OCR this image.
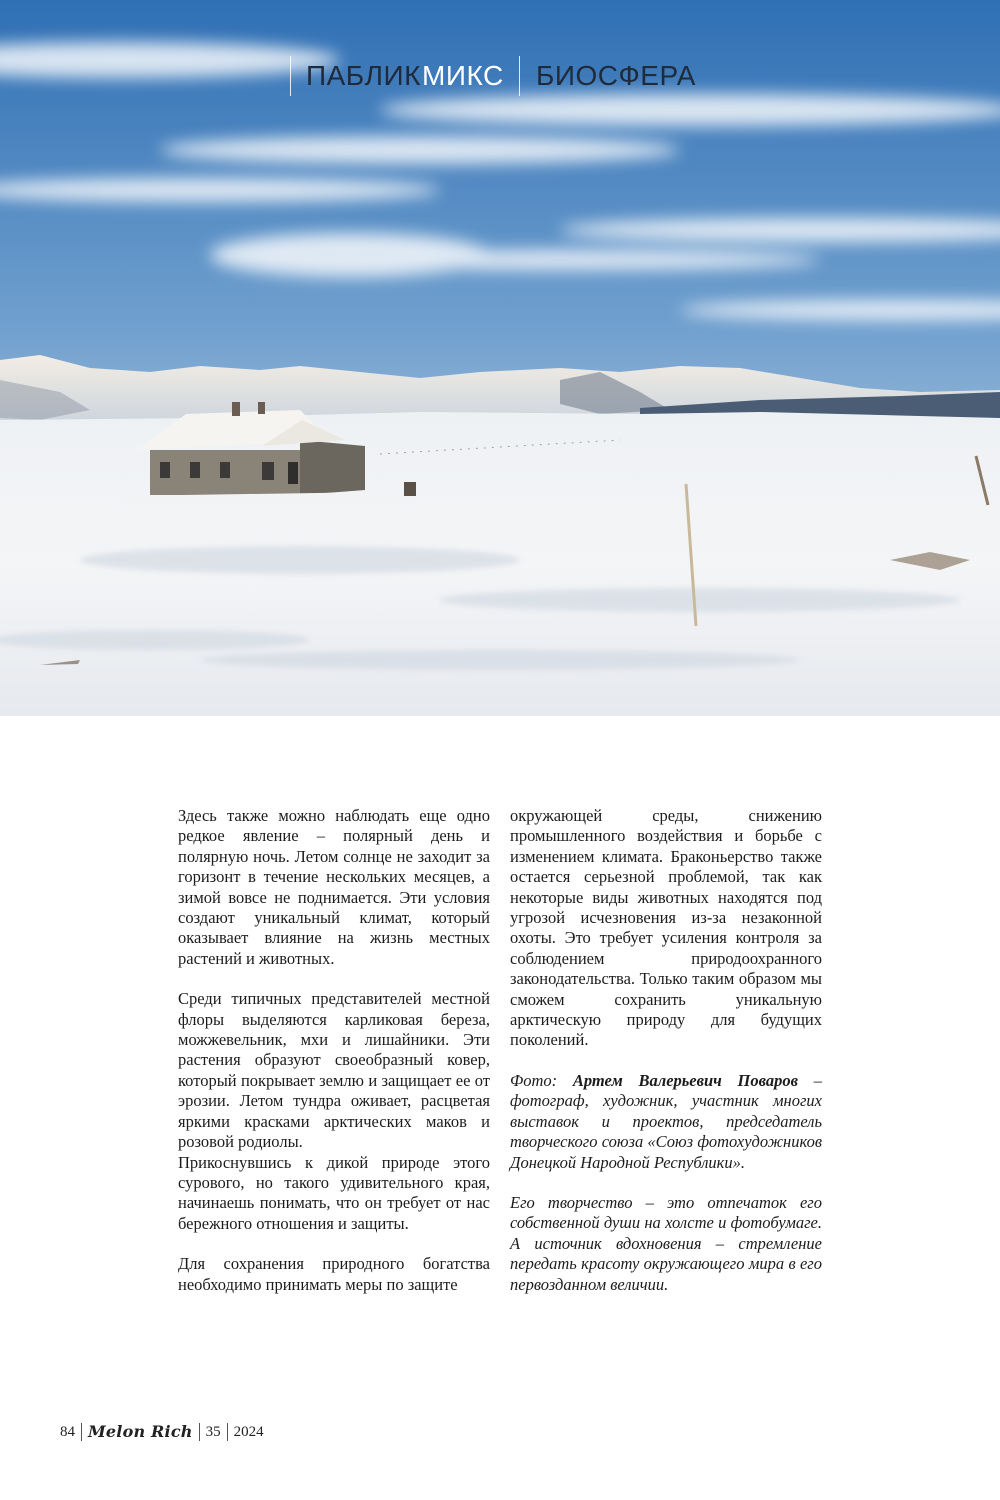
ПАБЛИК МИКС БИОСФЕРА

Здесь также можно наблюдать еще одно редкое явление – полярный день и полярную ночь. Летом солнце не заходит за горизонт в течение нескольких месяцев, а зимой вовсе не поднимается. Эти условия создают уникальный климат, который оказывает влияние на жизнь местных растений и животных.

Среди типичных представителей местной флоры выделяются карликовая береза, можжевельник, мхи и лишайники. Эти растения образуют своеобразный ковер, который покрывает землю и защищает ее от эрозии. Летом тундра оживает, расцветая яркими красками арктических маков и розовой родиолы.

Прикоснувшись к дикой природе этого сурового, но такого удивительного края, начинаешь понимать, что он требует от нас бережного отношения и защиты.

Для сохранения природного богатства необходимо принимать меры по защите

окружающей среды, снижению промышленного воздействия и борьбе с изменением климата. Браконьерство также остается серьезной проблемой, так как некоторые виды животных находятся под угрозой исчезновения из-за незаконной охоты. Это требует усиления контроля за соблюдением природоохранного законодательства. Только таким образом мы сможем сохранить уникальную арктическую природу для будущих поколений.

Фото: Артем Валерьевич Поваров – фотограф, художник, участник многих выставок и проектов, председатель творческого союза «Союз фотохудожников Донецкой Народной Республики».

Его творчество – это отпечаток его собственной души на холсте и фотобумаге. А источник вдохновения – стремление передать красоту окружающего мира в его первозданном величии.

84 Melon Rich 35 2024
